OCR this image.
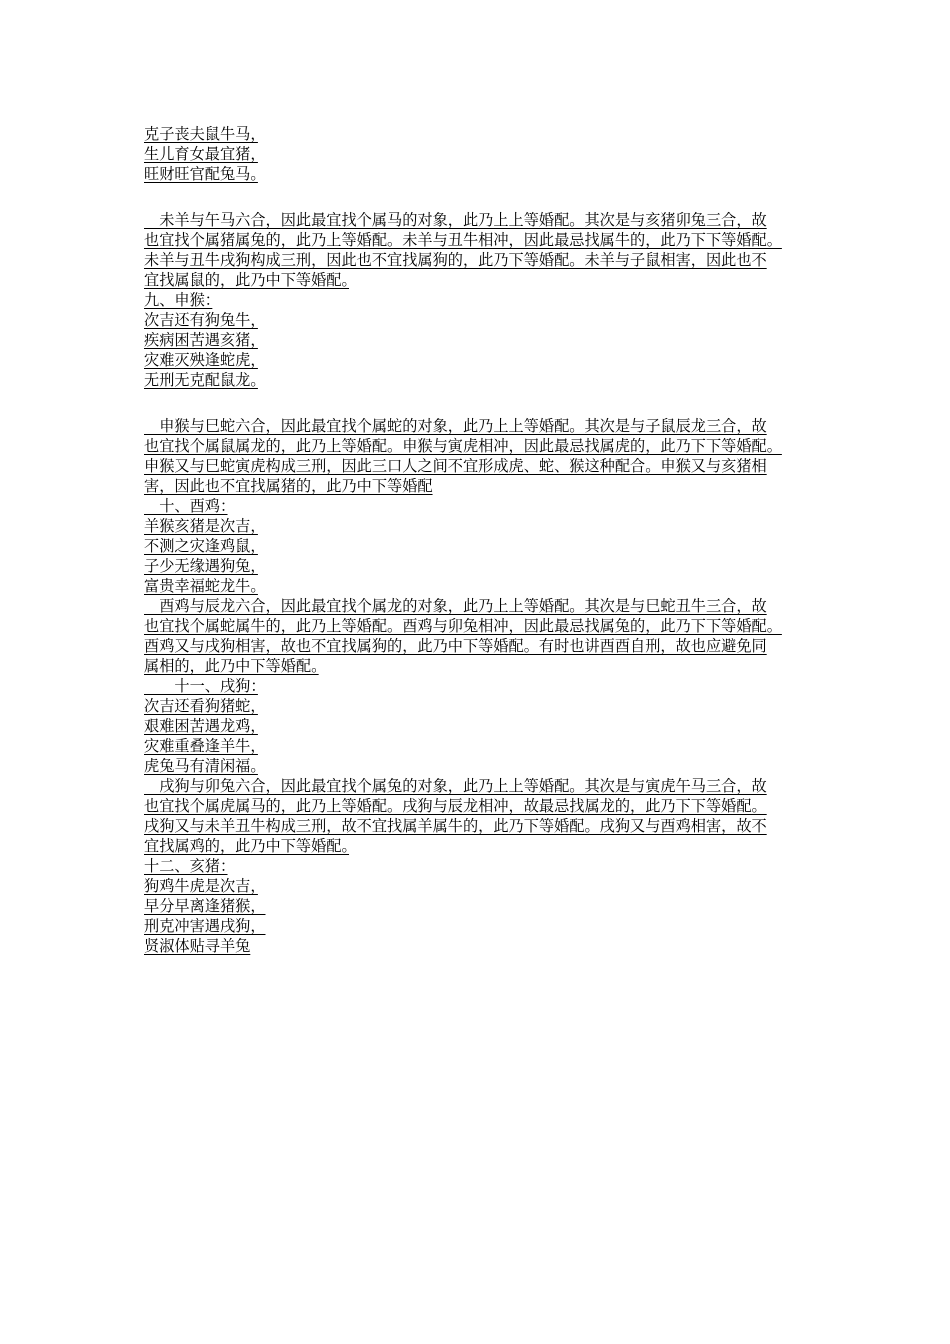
克子丧夫鼠牛马，　
生儿育女最宜猪，　
旺财旺官配兔马。　
　未羊与午马六合，因此最宜找个属马的对象，此乃上上等婚配。其次是与亥猪卯兔三合，故
也宜找个属猪属兔的，此乃上等婚配。未羊与丑牛相冲，因此最忌找属牛的，此乃下下等婚配。
未羊与丑牛戌狗构成三刑，因此也不宜找属狗的，此乃下等婚配。未羊与子鼠相害，因此也不
宜找属鼠的，此乃中下等婚配。　
九、申猴：　
次吉还有狗兔牛，　
疾病困苦遇亥猪，　
灾难灭殃逢蛇虎，　
无刑无克配鼠龙。　
　申猴与巳蛇六合，因此最宜找个属蛇的对象，此乃上上等婚配。其次是与子鼠辰龙三合，故
也宜找个属鼠属龙的，此乃上等婚配。申猴与寅虎相冲，因此最忌找属虎的，此乃下下等婚配。
申猴又与巳蛇寅虎构成三刑，因此三口人之间不宜形成虎、蛇、猴这种配合。申猴又与亥猪相
害，因此也不宜找属猪的，此乃中下等婚配
　十、酉鸡：　
羊猴亥猪是次吉，　
不测之灾逢鸡鼠，　
子少无缘遇狗兔，　
富贵幸福蛇龙牛。　
　酉鸡与辰龙六合，因此最宜找个属龙的对象，此乃上上等婚配。其次是与巳蛇丑牛三合，故
也宜找个属蛇属牛的，此乃上等婚配。酉鸡与卯兔相冲，因此最忌找属兔的，此乃下下等婚配。
酉鸡又与戌狗相害，故也不宜找属狗的，此乃中下等婚配。有时也讲酉酉自刑，故也应避免同
属相的，此乃中下等婚配。　
　　十一、戌狗：　
次吉还看狗猪蛇，　
艰难困苦遇龙鸡，　
灾难重叠逢羊牛，　
虎兔马有清闲福。　
　戌狗与卯兔六合，因此最宜找个属兔的对象，此乃上上等婚配。其次是与寅虎午马三合，故
也宜找个属虎属马的，此乃上等婚配。戌狗与辰龙相冲，故最忌找属龙的，此乃下下等婚配。
戌狗又与未羊丑牛构成三刑，故不宜找属羊属牛的，此乃下等婚配。戌狗又与酉鸡相害，故不
宜找属鸡的，此乃中下等婚配。　
十二、亥猪：　
狗鸡牛虎是次吉，　
早分早离逢猪猴，
刑克冲害遇戌狗，
贤淑体贴寻羊兔
